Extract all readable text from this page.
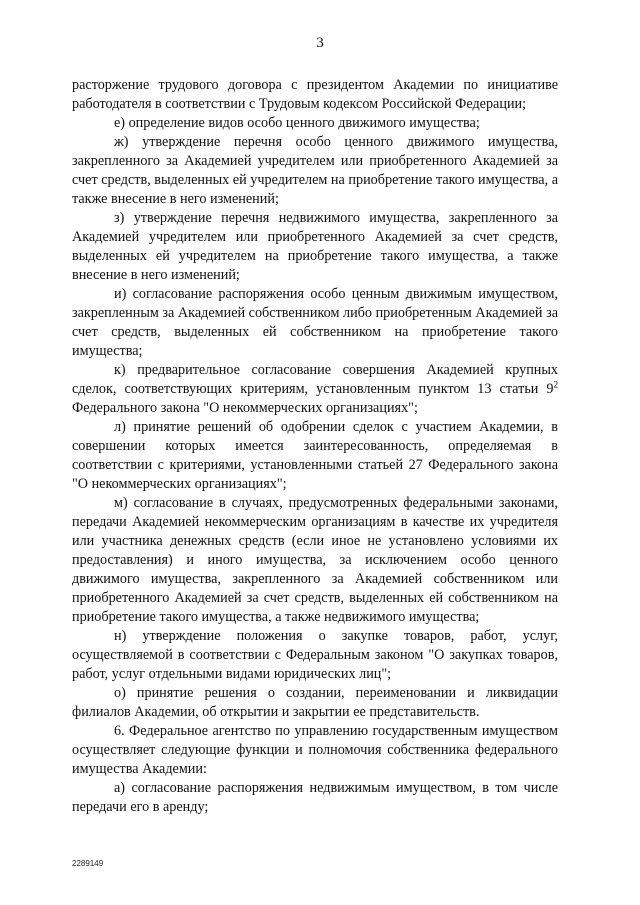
3

расторжение трудового договора с президентом Академии по инициативе работодателя в соответствии с Трудовым кодексом Российской Федерации;

е) определение видов особо ценного движимого имущества;

ж) утверждение перечня особо ценного движимого имущества, закрепленного за Академией учредителем или приобретенного Академией за счет средств, выделенных ей учредителем на приобретение такого имущества, а также внесение в него изменений;

з) утверждение перечня недвижимого имущества, закрепленного за Академией учредителем или приобретенного Академией за счет средств, выделенных ей учредителем на приобретение такого имущества, а также внесение в него изменений;

и) согласование распоряжения особо ценным движимым имуществом, закрепленным за Академией собственником либо приобретенным Академией за счет средств, выделенных ей собственником на приобретение такого имущества;

к) предварительное согласование совершения Академией крупных сделок, соответствующих критериям, установленным пунктом 13 статьи $9^2$ Федерального закона "О некоммерческих организациях";

л) принятие решений об одобрении сделок с участием Академии, в совершении которых имеется заинтересованность, определяемая в соответствии с критериями, установленными статьей 27 Федерального закона "О некоммерческих организациях";

м) согласование в случаях, предусмотренных федеральными законами, передачи Академией некоммерческим организациям в качестве их учредителя или участника денежных средств (если иное не установлено условиями их предоставления) и иного имущества, за исключением особо ценного движимого имущества, закрепленного за Академией собственником или приобретенного Академией за счет средств, выделенных ей собственником на приобретение такого имущества, а также недвижимого имущества;

н) утверждение положения о закупке товаров, работ, услуг, осуществляемой в соответствии с Федеральным законом "О закупках товаров, работ, услуг отдельными видами юридических лиц";

о) принятие решения о создании, переименовании и ликвидации филиалов Академии, об открытии и закрытии ее представительств.

6. Федеральное агентство по управлению государственным имуществом осуществляет следующие функции и полномочия собственника федерального имущества Академии:

а) согласование распоряжения недвижимым имуществом, в том числе передачи его в аренду;

2289149
